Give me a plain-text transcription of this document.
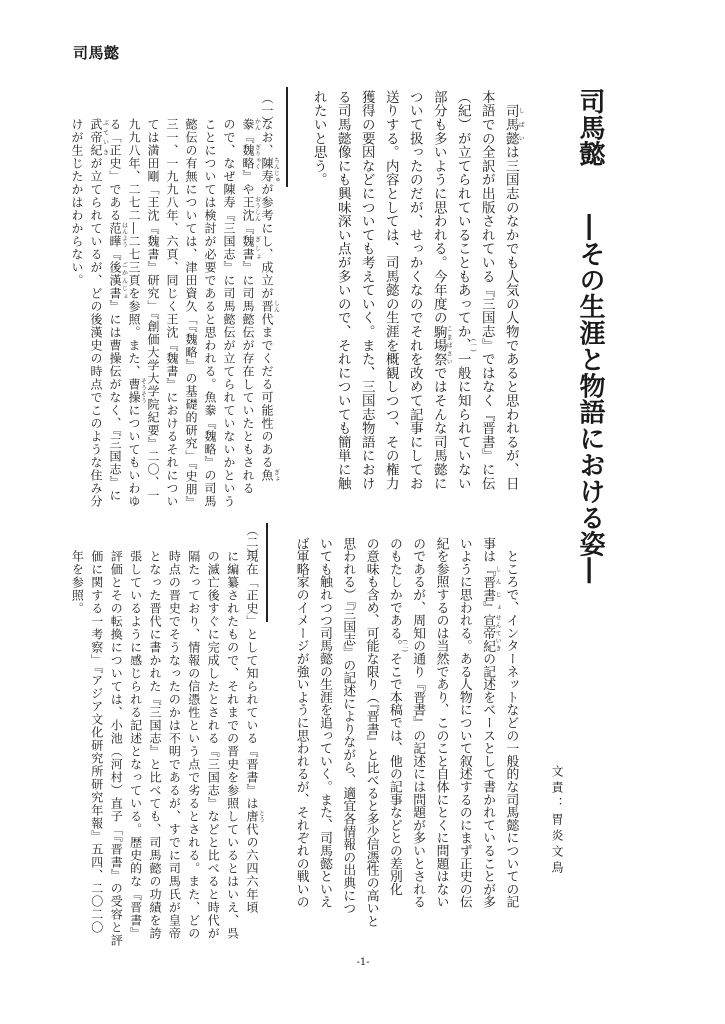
司馬懿
司馬懿
―その生涯と物語における姿―
文責：胃炎文鳥
　司馬懿しばいは三国志のなかでも人気の人物であると思われるが、日
本語での全訳が出版されている『三国志』ではなく『晋書』に伝
（紀）が立てられていることもあってか、(一)一般に知られていない
部分も多いように思われる。今年度の駒場祭こまばさいではそんな司馬懿に
ついて扱ったのだが、せっかくなのでそれを改めて記事にしてお
送りする。内容としては、司馬懿の生涯を概観しつつ、その権力
獲得の要因などについても考えていく。また、三国志物語におけ
る司馬懿像にも興味深い点が多いので、それについても簡単に触
れたいと思う。
　ところで、インターネットなどの一般的な司馬懿についての記
事は『晋書』 しんじょ宣帝紀 せんていきの記述をベースとして書かれていることが多
いように思われる。ある人物について叙述するのにまず正史の伝
紀を参照するのは当然であり、このこと自体にとくに問題はない
のであるが、周知の通り『晋書』の記述には問題が多いとされる
のもたしかである。 (二)そこで本稿では、他の記事などとの差別化
の意味も含め、可能な限り（『晋書』と比べると多少信憑性の高いと
思われる）『三国志』の記述によりながら、適宜各情報の出典につ
いても触れつつ司馬懿の生涯を追っていく。また、司馬懿といえ
ば軍略家のイメージが強いように思われるが、それぞれの戦いの
（一）
なお、陳寿ちんじゅが参考にし、成立が晋しん代までくだる可能性のある魚ぎょ
豢かん『魏略ぎりゃく』や王沈おうしん『魏書ぎしょ』に司馬懿伝が存在していたともされる
ので、なぜ陳寿『三国志』に司馬懿伝が立てられていないかという
ことについては検討が必要であると思われる。魚豢『魏略』の司馬
懿伝の有無については、津田資久「『魏略』の基礎的研究」『史朋』
三一、一九九八年、六頁、同じく王沈『魏書』におけるそれについ
ては満田剛「王沈『魏書』研究」『創価大学大学院紀要』二〇、一
九九八年、二七二―二七三頁を参照。また、曹操そうそうについてもいわゆ
る「正史」である范曄はんよう『後漢書ごかんじょ』には曹操伝がなく、『三国志』に
武帝紀ぶていきが立てられているが、どの後漢史の時点でこのような住み分
けが生じたかはわからない。
（二）
現在「正史」として知られている『晋書』は唐とう代の六四六年頃
に編纂されたもので、それまでの晋史を参照しているとはいえ、呉
の滅亡後すぐに完成したとされる『三国志』などと比べると時代が
隔たっており、情報の信憑性という点で劣るとされる。また、どの
時点の晋史でそうなったのかは不明であるが、すでに司馬氏が皇帝
となった晋代に書かれた『三国志』と比べても、司馬懿の功績を誇
張しているように感じられる記述となっている。歴史的な『晋書』
評価とその転換については、小池（河村）直子「『晋書』の受容と評
価に関する一考察」『アジア文化研究所研究年報』五四、二〇二〇
年を参照。
-1-
